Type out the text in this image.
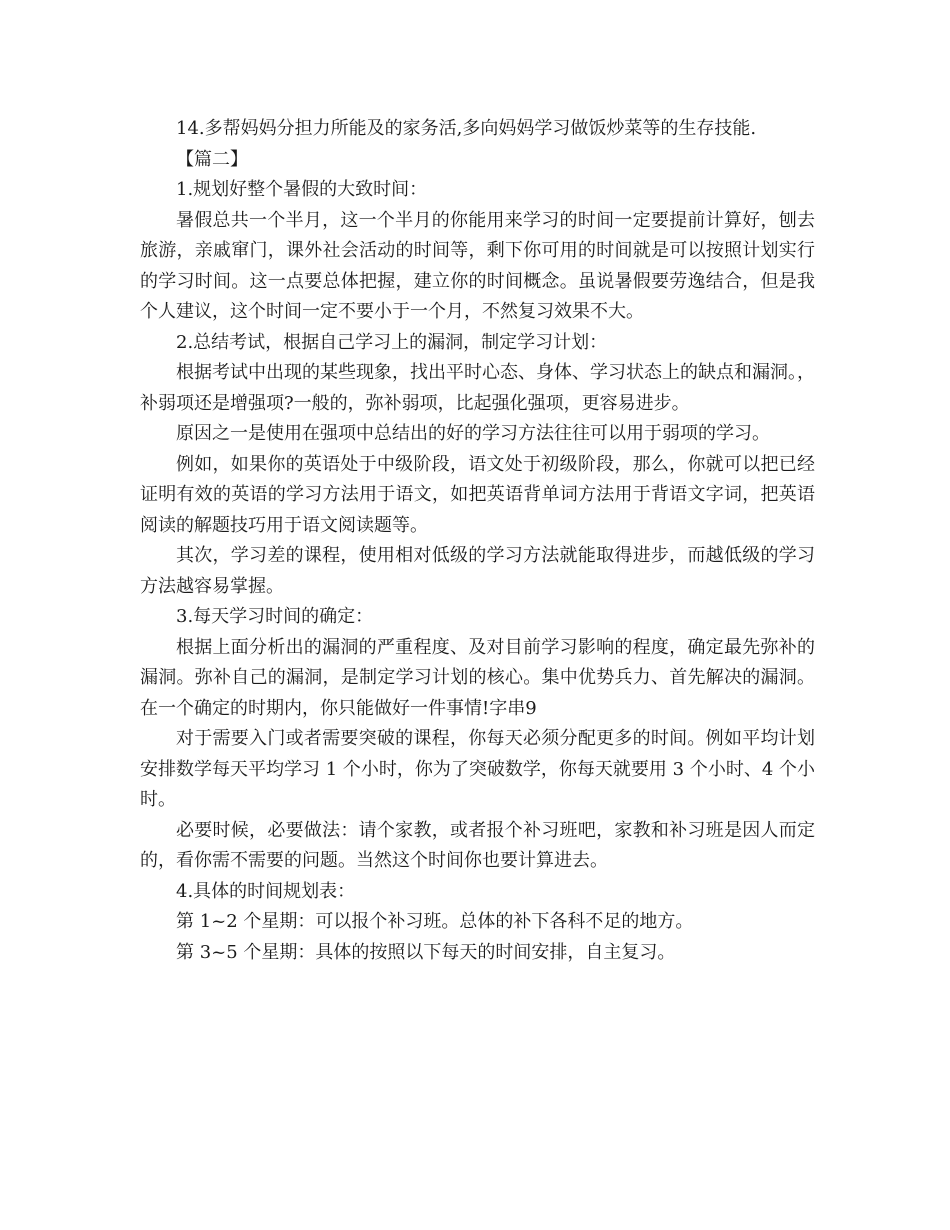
14.多帮妈妈分担力所能及的家务活,多向妈妈学习做饭炒菜等的生存技能.

【篇二】

1.规划好整个暑假的大致时间：

暑假总共一个半月，这一个半月的你能用来学习的时间一定要提前计算好，刨去旅游，亲戚窜门，课外社会活动的时间等，剩下你可用的时间就是可以按照计划实行的学习时间。这一点要总体把握，建立你的时间概念。虽说暑假要劳逸结合，但是我个人建议，这个时间一定不要小于一个月，不然复习效果不大。

2.总结考试，根据自己学习上的漏洞，制定学习计划：

根据考试中出现的某些现象，找出平时心态、身体、学习状态上的缺点和漏洞。，补弱项还是增强项?一般的，弥补弱项，比起强化强项，更容易进步。

原因之一是使用在强项中总结出的好的学习方法往往可以用于弱项的学习。

例如，如果你的英语处于中级阶段，语文处于初级阶段，那么，你就可以把已经证明有效的英语的学习方法用于语文，如把英语背单词方法用于背语文字词，把英语阅读的解题技巧用于语文阅读题等。

其次，学习差的课程，使用相对低级的学习方法就能取得进步，而越低级的学习方法越容易掌握。

3.每天学习时间的确定：

根据上面分析出的漏洞的严重程度、及对目前学习影响的程度，确定最先弥补的漏洞。弥补自己的漏洞，是制定学习计划的核心。集中优势兵力、首先解决的漏洞。在一个确定的时期内，你只能做好一件事情!字串9

对于需要入门或者需要突破的课程，你每天必须分配更多的时间。例如平均计划安排数学每天平均学习 1 个小时，你为了突破数学，你每天就要用 3 个小时、4 个小时。

必要时候，必要做法：请个家教，或者报个补习班吧，家教和补习班是因人而定的，看你需不需要的问题。当然这个时间你也要计算进去。

4.具体的时间规划表：

第 1~2 个星期：可以报个补习班。总体的补下各科不足的地方。

第 3~5 个星期：具体的按照以下每天的时间安排，自主复习。
